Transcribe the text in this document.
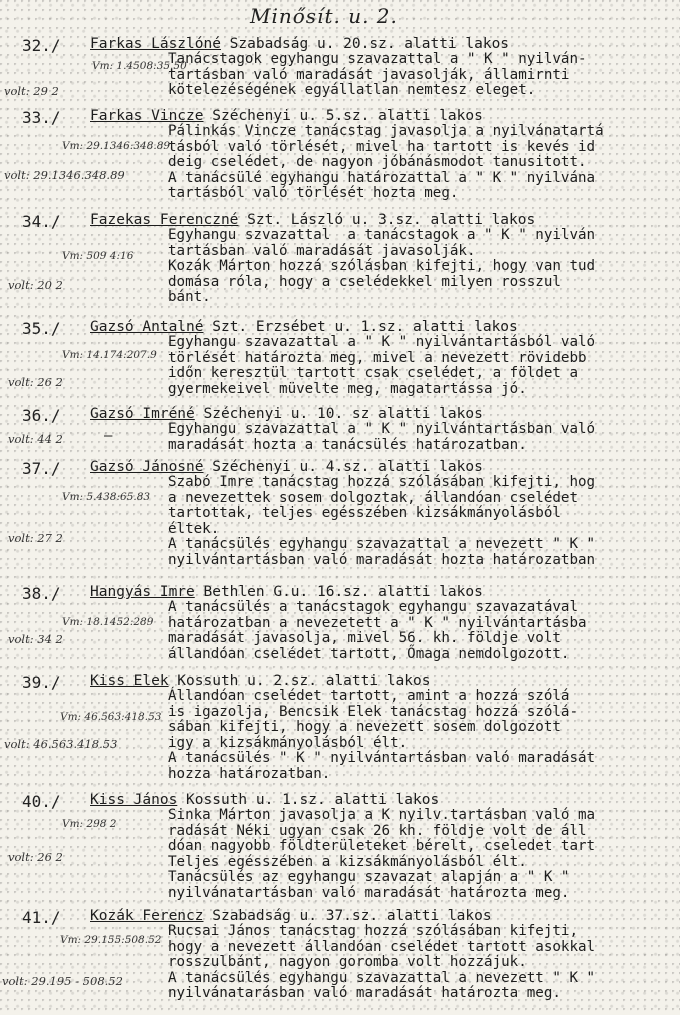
Minősít. u. 2.
32./ Farkas Lászlóné Szabadság u. 20.sz. alatti lakos
Tanácstagok egyhangu szavazattal a " K " nyilván-
tartásban való maradását javasolják, államirnti
kötelezéségének egyállatlan nemtesz eleget.
Vm: 1.4508:35.50
volt: 29 2
33./ Farkas Vincze Széchenyi u. 5.sz. alatti lakos
Pálinkás Vincze tanácstag javasolja a nyilvánatartá
tásból való törlését, mivel ha tartott is kevés id
deig cselédet, de nagyon jóbánásmodot tanusitott.
A tanácsülé egyhangu határozattal a " K " nyilvána
tartásból való törlését hozta meg.
Vm: 29.1346:348.89
volt: 29.1346.348.89
34./ Fazekas Ferenczné Szt. László u. 3.sz. alatti lakos
Egyhangu szvazattal  a tanácstagok a " K " nyilván
tartásban való maradását javasolják.
Kozák Márton hozzá szólásban kifejti, hogy van tud
domása róla, hogy a cselédekkel milyen rosszul
bánt.
Vm: 509 4:16
volt: 20 2
35./ Gazsó Antalné Szt. Erzsébet u. 1.sz. alatti lakos
Egyhangu szavazattal a " K " nyilvántartásból való
törlését határozta meg, mivel a nevezett rövidebb
időn keresztül tartott csak cselédet, a földet a
gyermekeivel müvelte meg, magatartássa jó.
Vm: 14.174:207.9
volt: 26 2
36./ Gazsó Imréné Széchenyi u. 10. sz alatti lakos
Egyhangu szavazattal a " K " nyilvántartásban való
maradását hozta a tanácsülés határozatban.
volt: 44 2	—
37./ Gazsó Jánosné Széchenyi u. 4.sz. alatti lakos
Szabó Imre tanácstag hozzá szólásában kifejti, hog
a nevezettek sosem dolgoztak, állandóan cselédet
tartottak, teljes egésszében kizsákmányolásból
éltek.
A tanácsülés egyhangu szavazattal a nevezett " K "
nyilvántartásban való maradását hozta határozatban
Vm: 5.438:65.83
volt: 27 2
38./ Hangyás Imre Bethlen G.u. 16.sz. alatti lakos
A tanácsülés a tanácstagok egyhangu szavazatával
határozatban a nevezetett a " K " nyilvántartásba
maradását javasolja, mivel 56. kh. földje volt
állandóan cselédet tartott, Őmaga nemdolgozott.
Vm: 18.1452:289
volt: 34 2
39./ Kiss Elek Kossuth u. 2.sz. alatti lakos
Állandóan cselédet tartott, amint a hozzá szólá
is igazolja, Bencsik Elek tanácstag hozzá szólá-
sában kifejti, hogy a nevezett sosem dolgozott
igy a kizsákmányolásból élt.
A tanácsülés " K " nyilvántartásban való maradását
hozza határozatban.
Vm: 46.563:418.53
volt: 46.563.418.53
40./ Kiss János Kossuth u. 1.sz. alatti lakos
Sinka Márton javasolja a K nyilv.tartásban való ma
radását Néki ugyan csak 26 kh. földje volt de áll
dóan nagyobb földterületeket bérelt, cseledet tart
Teljes egésszében a kizsákmányolásból élt.
Tanácsülés az egyhangu szavazat alapján a " K "
nyilvánatartásban való maradását határozta meg.
Vm: 298 2
volt: 26 2
41./ Kozák Ferencz Szabadság u. 37.sz. alatti lakos
Rucsai János tanácstag hozzá szólásában kifejti,
hogy a nevezett állandóan cselédet tartott asokkal
rosszulbánt, nagyon goromba volt hozzájuk.
A tanácsülés egyhangu szavazattal a nevezett " K "
nyilvánatarásban való maradását határozta meg.
Vm: 29.155:508.52
volt: 29.195 - 508.52
